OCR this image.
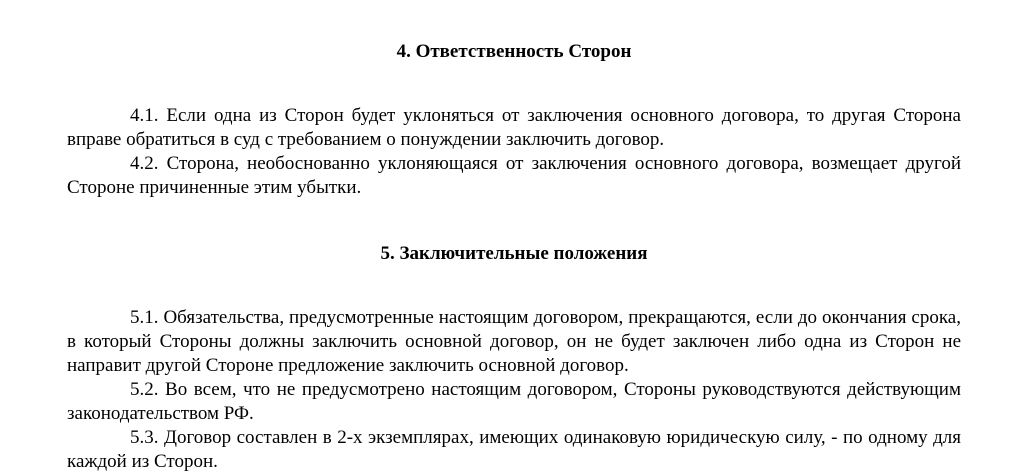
4. Ответственность Сторон

4.1. Если одна из Сторон будет уклоняться от заключения основного договора, то другая Сторона вправе обратиться в суд с требованием о понуждении заключить договор.

4.2. Сторона, необоснованно уклоняющаяся от заключения основного договора, возмещает другой Стороне причиненные этим убытки.

5. Заключительные положения

5.1. Обязательства, предусмотренные настоящим договором, прекращаются, если до окончания срока, в который Стороны должны заключить основной договор, он не будет заключен либо одна из Сторон не направит другой Стороне предложение заключить основной договор.

5.2. Во всем, что не предусмотрено настоящим договором, Стороны руководствуются действующим законодательством РФ.

5.3. Договор составлен в 2-х экземплярах, имеющих одинаковую юридическую силу, - по одному для каждой из Сторон.
